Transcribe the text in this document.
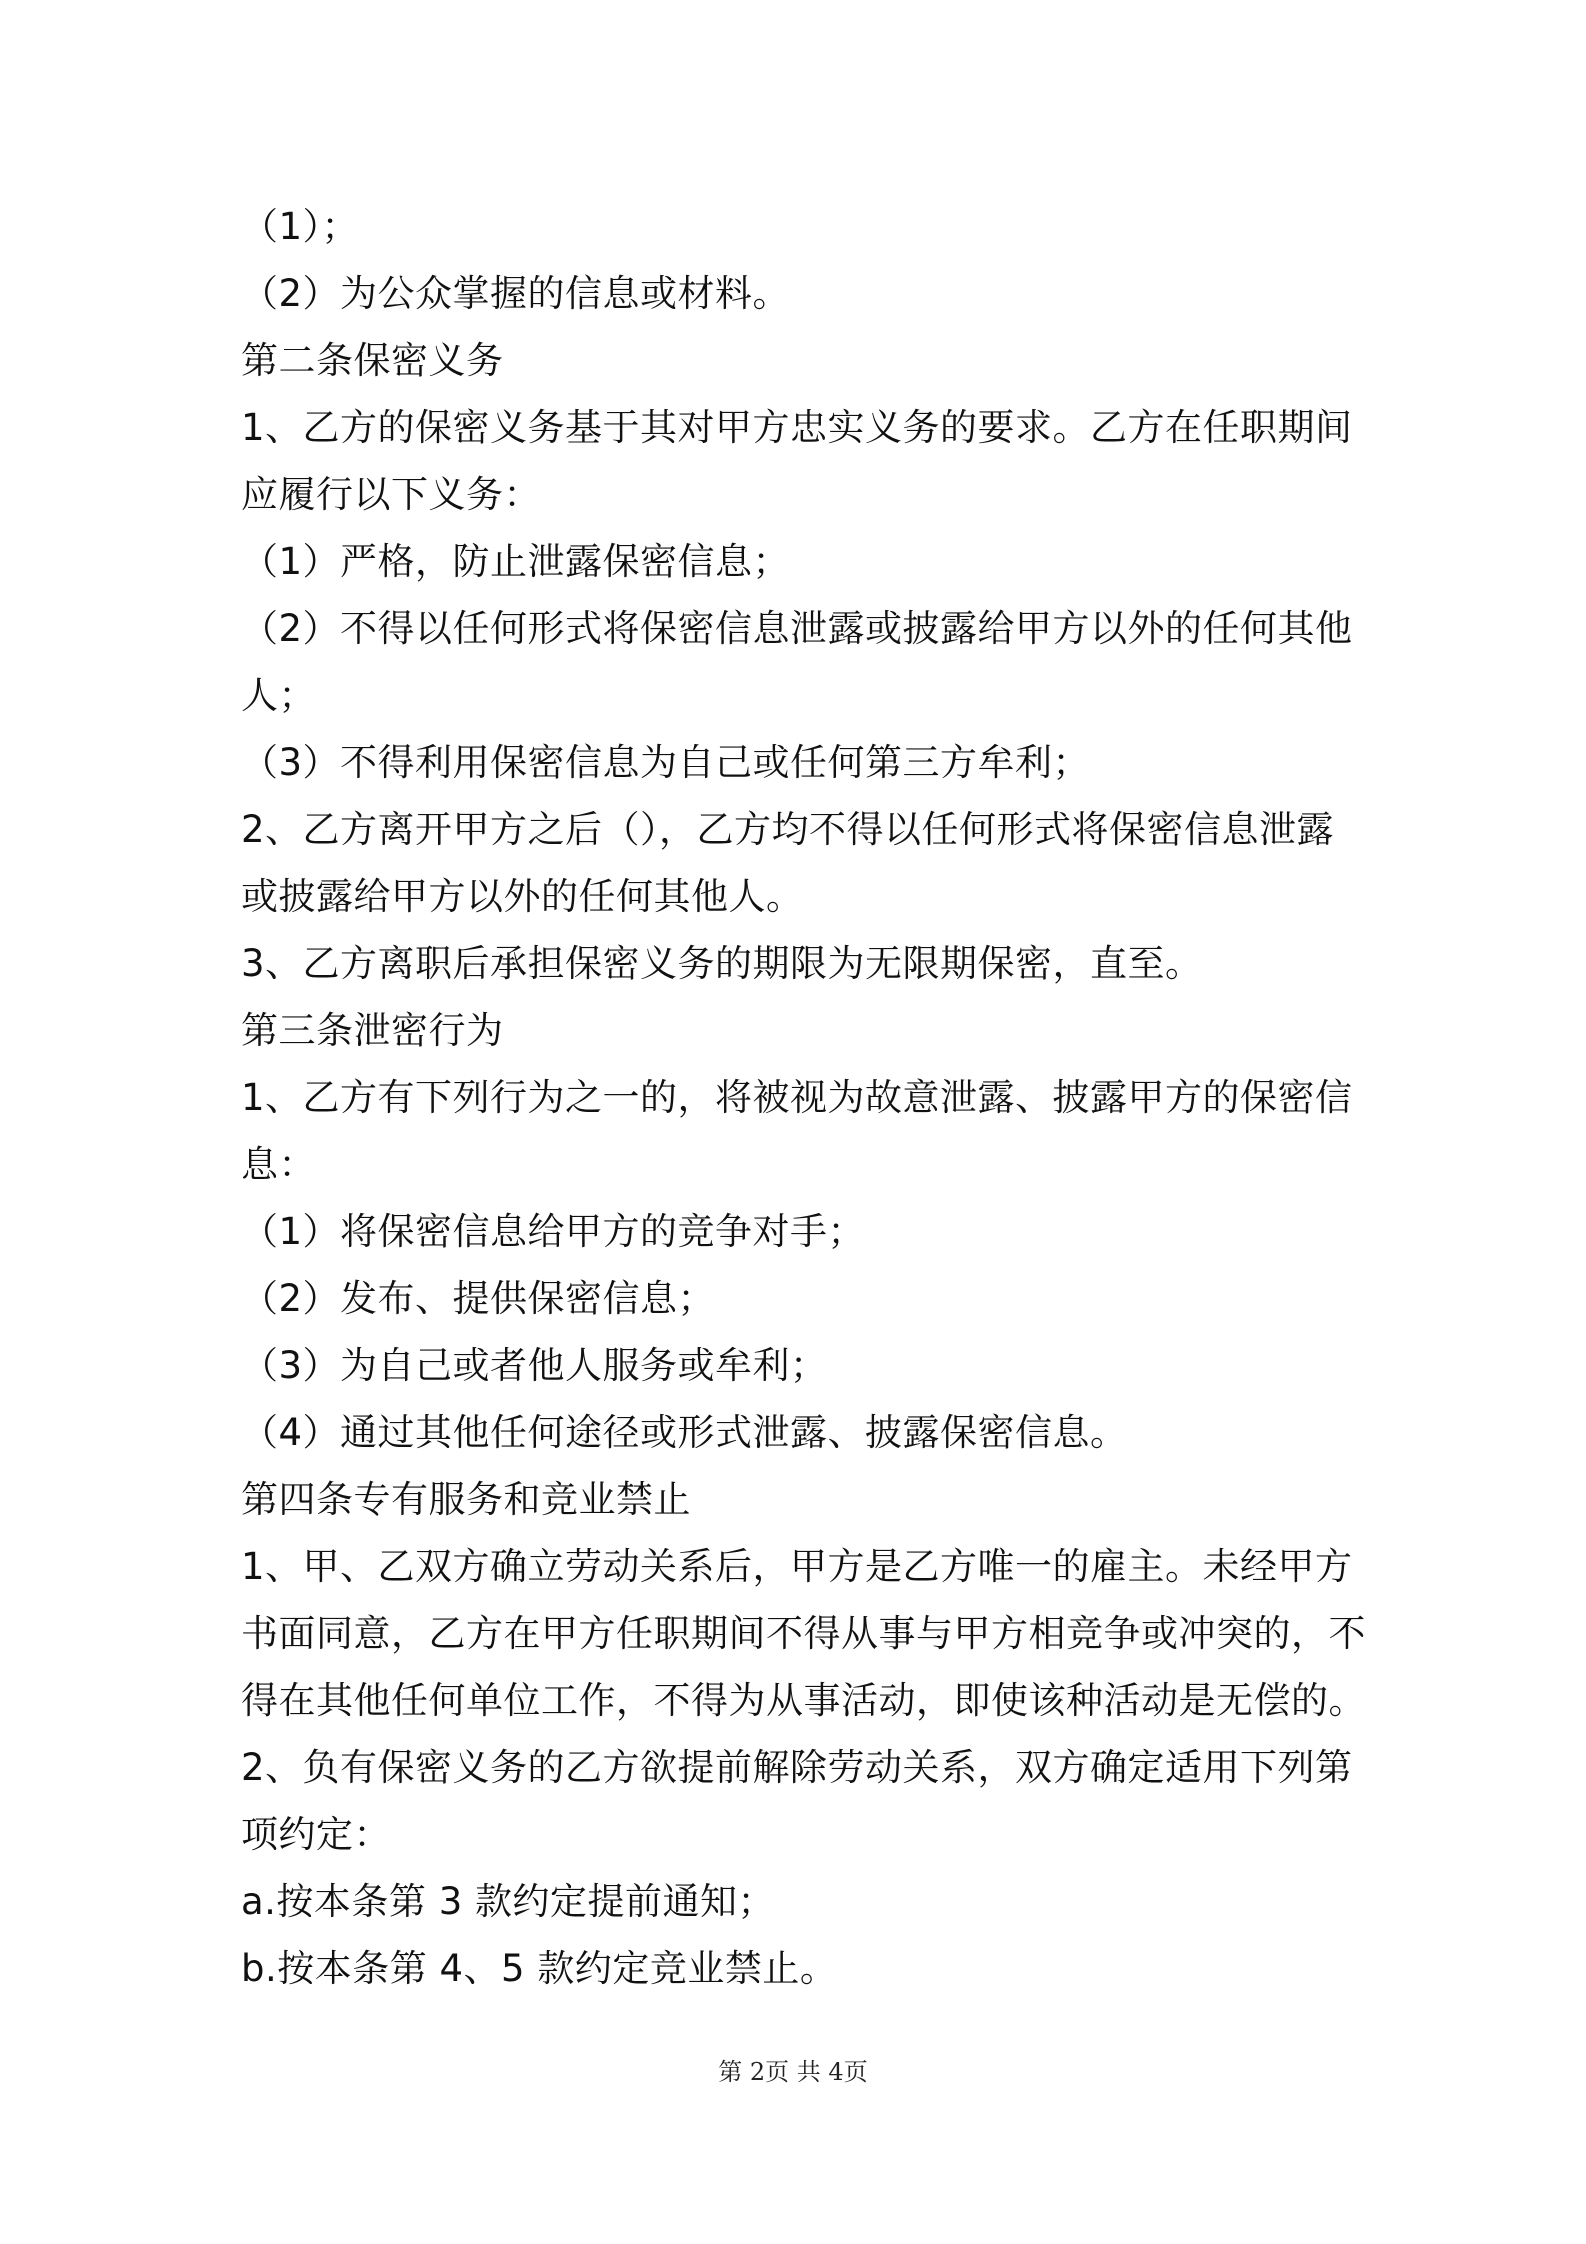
（1）；
（2）为公众掌握的信息或材料。
第二条保密义务
1、乙方的保密义务基于其对甲方忠实义务的要求。乙方在任职期间
应履行以下义务：
（1）严格，防止泄露保密信息；
（2）不得以任何形式将保密信息泄露或披露给甲方以外的任何其他
人；
（3）不得利用保密信息为自己或任何第三方牟利；
2、乙方离开甲方之后（），乙方均不得以任何形式将保密信息泄露
或披露给甲方以外的任何其他人。
3、乙方离职后承担保密义务的期限为无限期保密，直至。
第三条泄密行为
1、乙方有下列行为之一的，将被视为故意泄露、披露甲方的保密信
息：
（1）将保密信息给甲方的竞争对手；
（2）发布、提供保密信息；
（3）为自己或者他人服务或牟利；
（4）通过其他任何途径或形式泄露、披露保密信息。
第四条专有服务和竞业禁止
1、甲、乙双方确立劳动关系后，甲方是乙方唯一的雇主。未经甲方
书面同意，乙方在甲方任职期间不得从事与甲方相竞争或冲突的，不
得在其他任何单位工作，不得为从事活动，即使该种活动是无偿的。
2、负有保密义务的乙方欲提前解除劳动关系，双方确定适用下列第
项约定：
a.按本条第 3 款约定提前通知；
b.按本条第 4、5 款约定竞业禁止。
第 2页 共 4页
